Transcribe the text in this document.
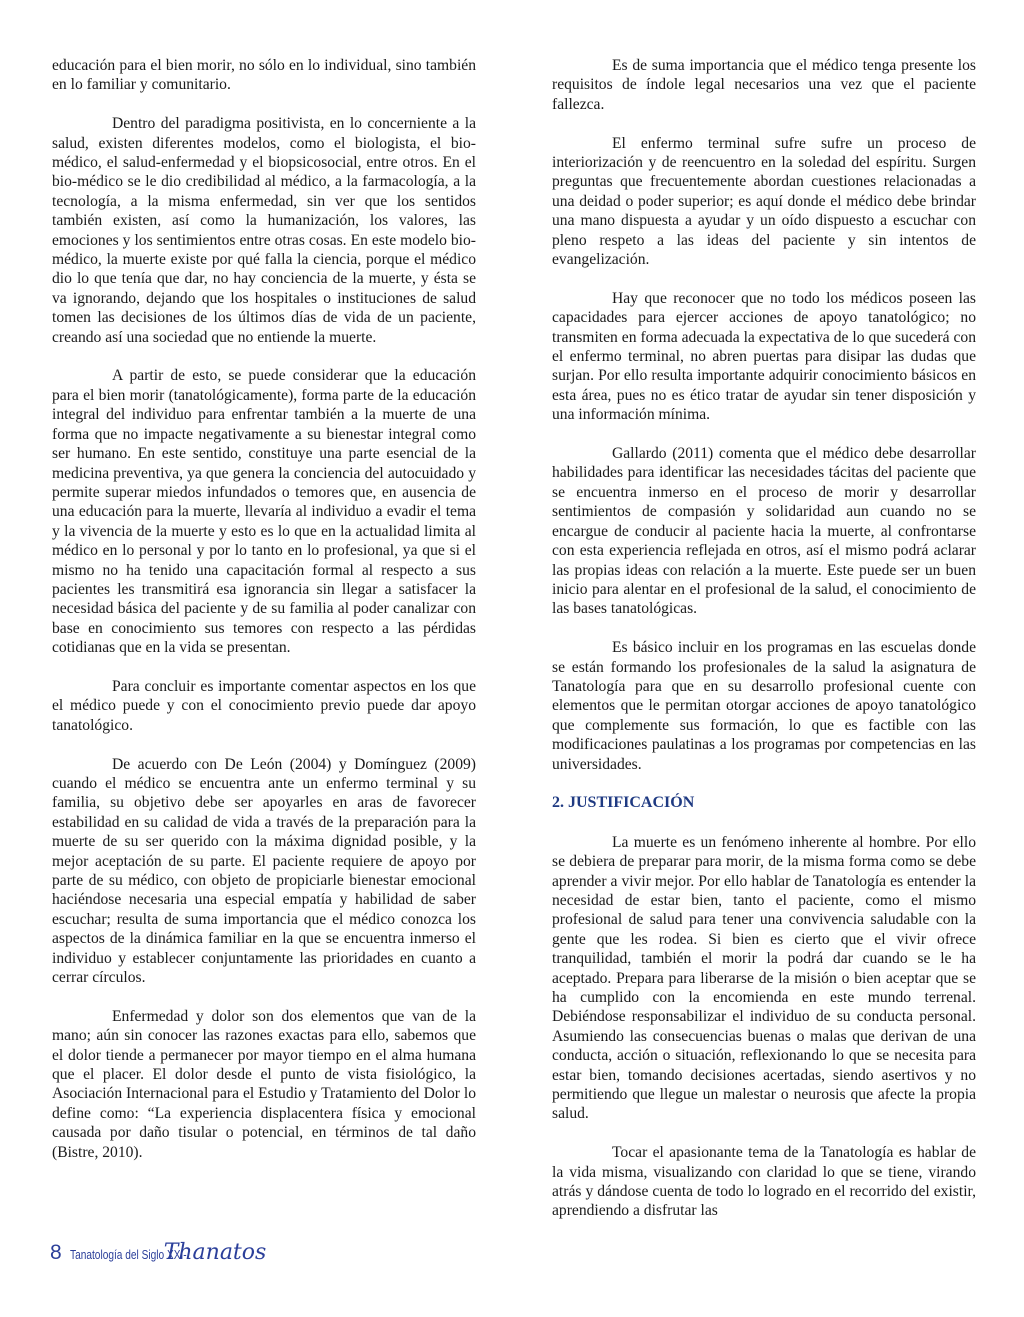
educación para el bien morir, no sólo en lo individual, sino también en lo familiar y comunitario.

Dentro del paradigma positivista, en lo concerniente a la salud, existen diferentes modelos, como el biologista, el bio-médico, el salud-enfermedad y el biopsicosocial, entre otros. En el bio-médico se le dio credibilidad al médico, a la farmacología, a la tecnología, a la misma enfermedad, sin ver que los sentidos también existen, así como la humanización, los valores, las emociones y los sentimientos entre otras cosas. En este modelo bio-médico, la muerte existe por qué falla la ciencia, porque el médico dio lo que tenía que dar, no hay conciencia de la muerte, y ésta se va ignorando, dejando que los hospitales o instituciones de salud tomen las decisiones de los últimos días de vida de un paciente, creando así una sociedad que no entiende la muerte.

A partir de esto, se puede considerar que la educación para el bien morir (tanatológicamente), forma parte de la educación integral del individuo para enfrentar también a la muerte de una forma que no impacte negativamente a su bienestar integral como ser humano. En este sentido, constituye una parte esencial de la medicina preventiva, ya que genera la conciencia del autocuidado y permite superar miedos infundados o temores que, en ausencia de una educación para la muerte, llevaría al individuo a evadir el tema y la vivencia de la muerte y esto es lo que en la actualidad limita al médico en lo personal y por lo tanto en lo profesional, ya que si el mismo no ha tenido una capacitación formal al respecto a sus pacientes les transmitirá esa ignorancia sin llegar a satisfacer la necesidad básica del paciente y de su familia al poder canalizar con base en conocimiento sus temores con respecto a las pérdidas cotidianas que en la vida se presentan.

Para concluir es importante comentar aspectos en los que el médico puede y con el conocimiento previo puede dar apoyo tanatológico.

De acuerdo con De León (2004) y Domínguez (2009) cuando el médico se encuentra ante un enfermo terminal y su familia, su objetivo debe ser apoyarles en aras de favorecer estabilidad en su calidad de vida a través de la preparación para la muerte de su ser querido con la máxima dignidad posible, y la mejor aceptación de su parte. El paciente requiere de apoyo por parte de su médico, con objeto de propiciarle bienestar emocional haciéndose necesaria una especial empatía y habilidad de saber escuchar; resulta de suma importancia que el médico conozca los aspectos de la dinámica familiar en la que se encuentra inmerso el individuo y establecer conjuntamente las prioridades en cuanto a cerrar círculos.

Enfermedad y dolor son dos elementos que van de la mano; aún sin conocer las razones exactas para ello, sabemos que el dolor tiende a permanecer por mayor tiempo en el alma humana que el placer. El dolor desde el punto de vista fisiológico, la Asociación Internacional para el Estudio y Tratamiento del Dolor lo define como: “La experiencia displacentera física y emocional causada por daño tisular o potencial, en términos de tal daño (Bistre, 2010).

Es de suma importancia que el médico tenga presente los requisitos de índole legal necesarios una vez que el paciente fallezca.

El enfermo terminal sufre sufre un proceso de interiorización y de reencuentro en la soledad del espíritu. Surgen preguntas que frecuentemente abordan cuestiones relacionadas a una deidad o poder superior; es aquí donde el médico debe brindar una mano dispuesta a ayudar y un oído dispuesto a escuchar con pleno respeto a las ideas del paciente y sin intentos de evangelización.

Hay que reconocer que no todo los médicos poseen las capacidades para ejercer acciones de apoyo tanatológico; no transmiten en forma adecuada la expectativa de lo que sucederá con el enfermo terminal, no abren puertas para disipar las dudas que surjan. Por ello resulta importante adquirir conocimiento básicos en esta área, pues no es ético tratar de ayudar sin tener disposición y una información mínima.

Gallardo (2011) comenta que el médico debe desarrollar habilidades para identificar las necesidades tácitas del paciente que se encuentra inmerso en el proceso de morir y desarrollar sentimientos de compasión y solidaridad aun cuando no se encargue de conducir al paciente hacia la muerte, al confrontarse con esta experiencia reflejada en otros, así el mismo podrá aclarar las propias ideas con relación a la muerte. Este puede ser un buen inicio para alentar en el profesional de la salud, el conocimiento de las bases tanatológicas.

Es básico incluir en los programas en las escuelas donde se están formando los profesionales de la salud la asignatura de Tanatología para que en su desarrollo profesional cuente con elementos que le permitan otorgar acciones de apoyo tanatológico que complemente sus formación, lo que es factible con las modificaciones paulatinas a los programas por competencias en las universidades.

2. JUSTIFICACIÓN

La muerte es un fenómeno inherente al hombre. Por ello se debiera de preparar para morir, de la misma forma como se debe aprender a vivir mejor. Por ello hablar de Tanatología es entender la necesidad de estar bien, tanto el paciente, como el mismo profesional de salud para tener una convivencia saludable con la gente que les rodea. Si bien es cierto que el vivir ofrece tranquilidad, también el morir la podrá dar cuando se le ha aceptado. Prepara para liberarse de la misión o bien aceptar que se ha cumplido con la encomienda en este mundo terrenal. Debiéndose responsabilizar el individuo de su conducta personal. Asumiendo las consecuencias buenas o malas que derivan de una conducta, acción o situación, reflexionando lo que se necesita para estar bien, tomando decisiones acertadas, siendo asertivos y no permitiendo que llegue un malestar o neurosis que afecte la propia salud.

Tocar el apasionante tema de la Tanatología es hablar de la vida misma, visualizando con claridad lo que se tiene, virando atrás y dándose cuenta de todo lo logrado en el recorrido del existir, aprendiendo a disfrutar las

8 Tanatología del Siglo XXI-
Thanatos
